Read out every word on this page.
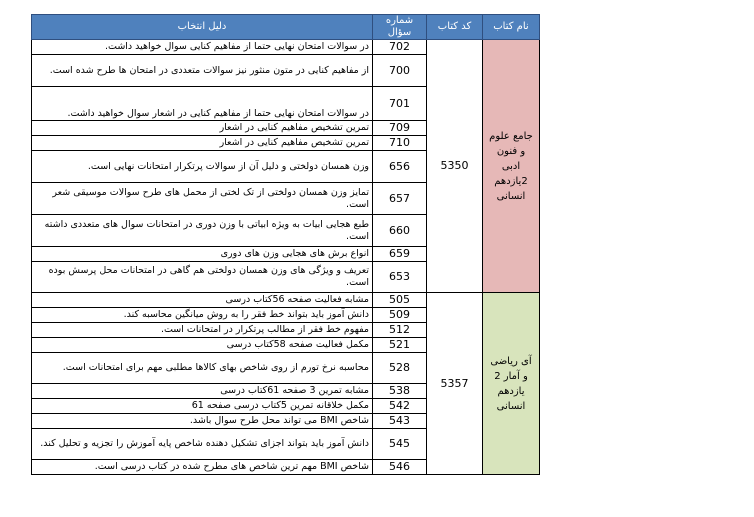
نام کتاب	کد کتاب	شماره سؤال	دلیل انتخاب
جامع علوم و فنون ادبی 2یازدهم انسانی	5350	702	در سوالات امتحان نهایی حتما از مفاهیم کنایی سوال خواهید داشت.
		700	از مفاهیم کنایی در متون منثور نیز سوالات متعددی در امتحان ها طرح شده است.
		701	در سوالات امتحان نهایی حتما از مفاهیم کنایی در اشعار سوال خواهید داشت.
		709	تمرین تشخیص مفاهیم کنایی در اشعار
		710	تمرین تشخیص مفاهیم کنایی در اشعار
		656	وزن همسان دولختی و دلیل آن از سوالات پرتکرار امتحانات نهایی است.
		657	تمایز وزن همسان دولختی از تک لختی از محمل های طرح سوالات موسیقی شعر است.
		660	طبع هجایی ابیات به ویژه ابیاتی با وزن دوری در امتحانات سوال های متعددی داشته است.
		659	انواع برش های هجایی وزن های دوری
		653	تعریف و ویژگی های وزن همسان دولختی هم گاهی در امتحانات محل پرسش بوده است.
آی ریاضی و آمار 2 یازدهم انسانی	5357	505	مشابه فعالیت صفحه 56کتاب درسی
		509	دانش آموز باید بتواند خط فقر را به روش میانگین محاسبه کند.
		512	مفهوم خط فقر از مطالب پرتکرار در امتحانات است.
		521	مکمل فعالیت صفحه 58کتاب درسی
		528	محاسبه نرخ تورم از روی شاخص بهای کالاها مطلبی مهم برای امتحانات است.
		538	مشابه تمرین 3 صفحه 61کتاب درسی
		542	مکمل خلاقانه تمرین 5کتاب درسی صفحه 61
		543	شاخص BMI می تواند محل طرح سوال باشد.
		545	دانش آموز باید بتواند اجزای تشکیل دهنده شاخص پایه آموزش را تجزیه و تحلیل کند.
		546	شاخص BMI مهم ترین شاخص های مطرح شده در کتاب درسی است.
